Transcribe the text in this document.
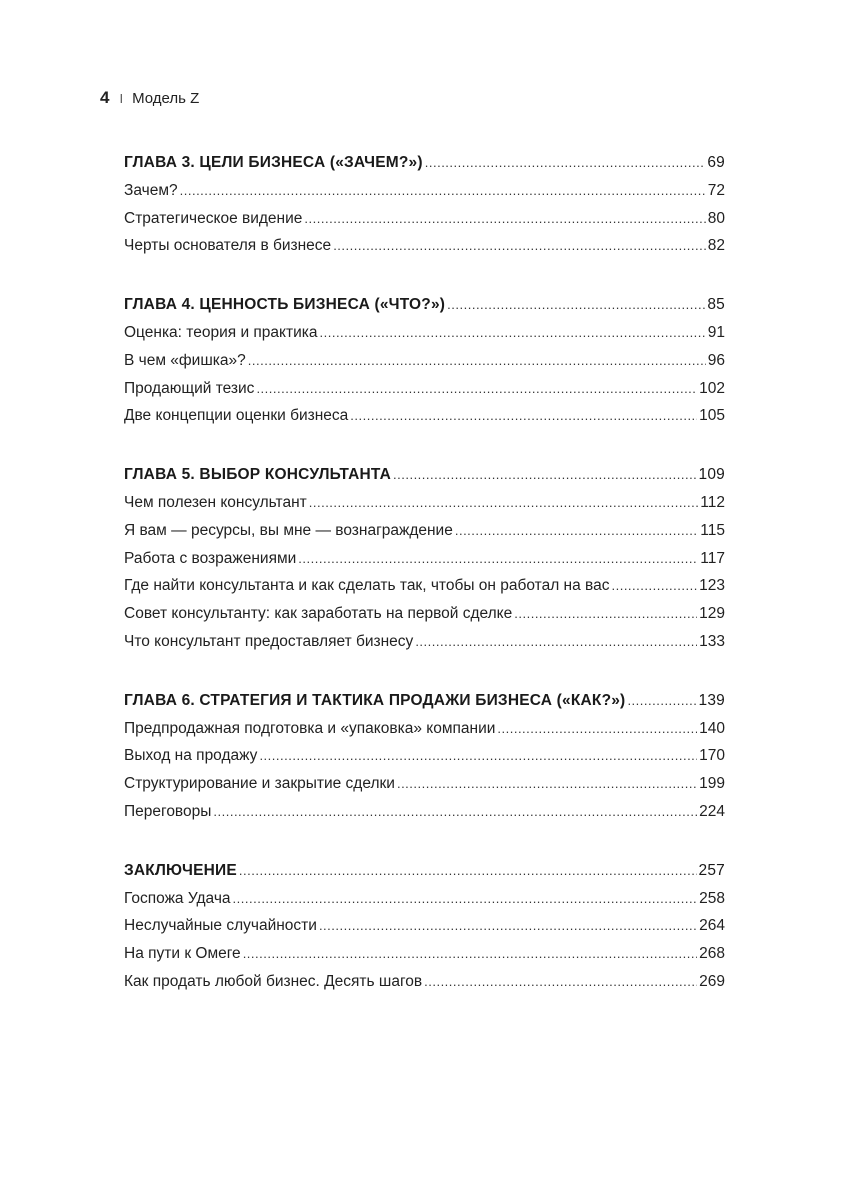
4 I Модель Z
ГЛАВА 3. ЦЕЛИ БИЗНЕСА («ЗАЧЕМ?») .....	69
Зачем? .....	72
Стратегическое видение .....	80
Черты основателя в бизнесе .....	82
ГЛАВА 4. ЦЕННОСТЬ БИЗНЕСА («ЧТО?») .....	85
Оценка: теория и практика .....	91
В чем «фишка»? .....	96
Продающий тезис .....	102
Две концепции оценки бизнеса .....	105
ГЛАВА 5. ВЫБОР КОНСУЛЬТАНТА .....	109
Чем полезен консультант .....	112
Я вам — ресурсы, вы мне — вознаграждение .....	115
Работа с возражениями .....	117
Где найти консультанта и как сделать так, чтобы он работал на вас .....	123
Совет консультанту: как заработать на первой сделке .....	129
Что консультант предоставляет бизнесу .....	133
ГЛАВА 6. СТРАТЕГИЯ И ТАКТИКА ПРОДАЖИ БИЗНЕСА («КАК?») .....	139
Предпродажная подготовка и «упаковка» компании .....	140
Выход на продажу .....	170
Структурирование и закрытие сделки .....	199
Переговоры .....	224
ЗАКЛЮЧЕНИЕ .....	257
Госпожа Удача .....	258
Неслучайные случайности .....	264
На пути к Омеге .....	268
Как продать любой бизнес. Десять шагов .....	269
